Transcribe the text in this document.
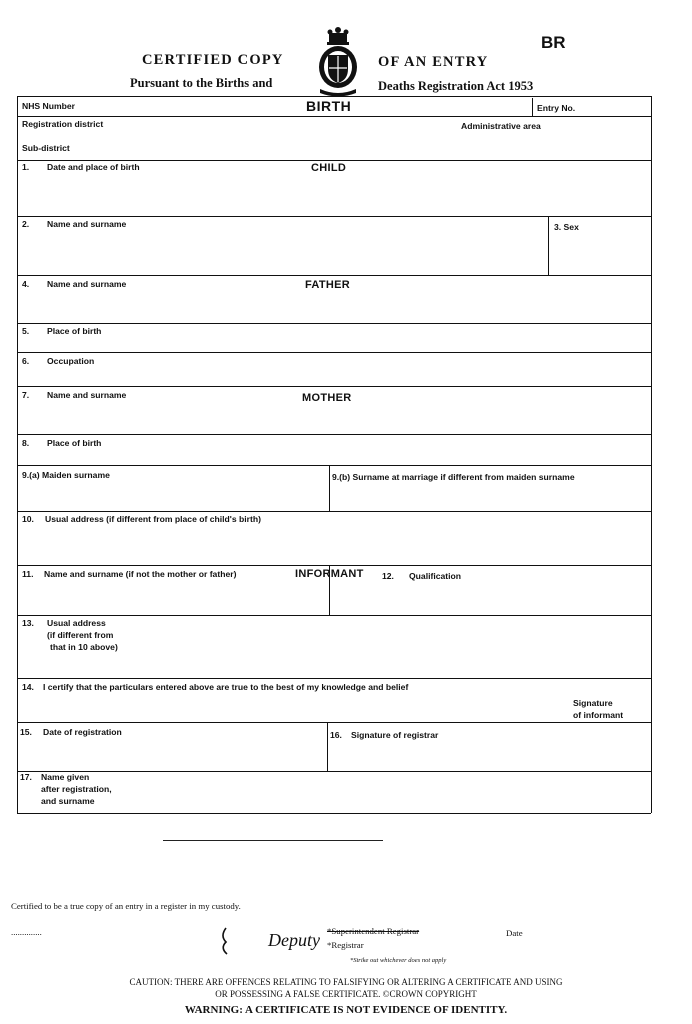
CERTIFIED COPY	OF AN ENTRY
Pursuant to the Births and	Deaths Registration Act 1953
BR
NHS Number	BIRTH	Entry No.
Registration district	Administrative area
Sub-district
CHILD
1. Date and place of birth
2. Name and surname	3. Sex
FATHER
4. Name and surname
5. Place of birth
6. Occupation
MOTHER
7. Name and surname
8. Place of birth
9.(a) Maiden surname	9.(b) Surname at marriage if different from maiden surname
10. Usual address (if different from place of child's birth)
11. Name and surname (if not the mother or father)	INFORMANT 12. Qualification
13. Usual address
(if different from
that in 10 above)
14. I certify that the particulars entered above are true to the best of my knowledge and belief
Signature
of informant
15. Date of registration	16. Signature of registrar
17. Name given
after registration,
and surname
Certified to be a true copy of an entry in a register in my custody.
..............	Deputy *Superintendent Registrar
*Registrar
Date
*Strike out whichever does not apply
CAUTION: THERE ARE OFFENCES RELATING TO FALSIFYING OR ALTERING A CERTIFICATE AND USING
OR POSSESSING A FALSE CERTIFICATE. ©CROWN COPYRIGHT
WARNING: A CERTIFICATE IS NOT EVIDENCE OF IDENTITY.
